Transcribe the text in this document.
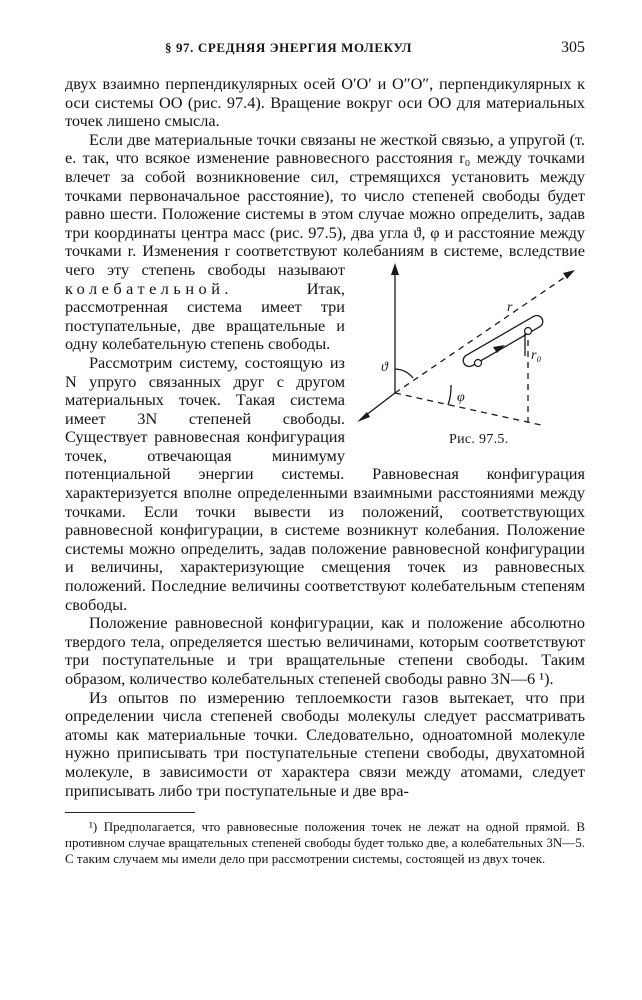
§ 97. СРЕДНЯЯ ЭНЕРГИЯ МОЛЕКУЛ	305

двух взаимно перпендикулярных осей O′O′ и O″O″, перпендикулярных к оси системы OO (рис. 97.4). Вращение вокруг оси OO для материальных точек лишено смысла.

Если две материальные точки связаны не жесткой связью, а упругой (т. е. так, что всякое изменение равновесного расстояния r₀ между точками влечет за собой возникновение сил, стремящихся установить между точками первоначальное расстояние), то число степеней свободы будет равно шести. Положение системы в этом случае можно определить, задав три координаты центра масс (рис. 97.5), два угла ϑ, φ и расстояние между точками r. Изменения r соответствуют колебаниям в системе, вследствие чего эту степень свободы называют
r
r₀
ϑ
φ
Рис. 97.5.
колебательной. Итак, рассмотренная система имеет три поступательные, две вращательные и одну колебательную степень свободы.

Рассмотрим систему, состоящую из N упруго связанных друг с другом материальных точек. Такая система имеет 3N степеней свободы. Существует равновесная конфигурация точек, отвечающая минимуму потенциальной энергии системы. Равновесная конфигурация характеризуется вполне определенными взаимными расстояниями между точками. Если точки вывести из положений, соответствующих равновесной конфигурации, в системе возникнут колебания. Положение системы можно определить, задав положение равновесной конфигурации и величины, характеризующие смещения точек из равновесных положений. Последние величины соответствуют колебательным степеням свободы.

Положение равновесной конфигурации, как и положение абсолютно твердого тела, определяется шестью величинами, которым соответствуют три поступательные и три вращательные степени свободы. Таким образом, количество колебательных степеней свободы равно 3N—6 ¹).

Из опытов по измерению теплоемкости газов вытекает, что при определении числа степеней свободы молекулы следует рассматривать атомы как материальные точки. Следовательно, одноатомной молекуле нужно приписывать три поступательные степени свободы, двухатомной молекуле, в зависимости от характера связи между атомами, следует приписывать либо три поступательные и две вра-

¹) Предполагается, что равновесные положения точек не лежат на одной прямой. В противном случае вращательных степеней свободы будет только две, а колебательных 3N—5. С таким случаем мы имели дело при рассмотрении системы, состоящей из двух точек.
